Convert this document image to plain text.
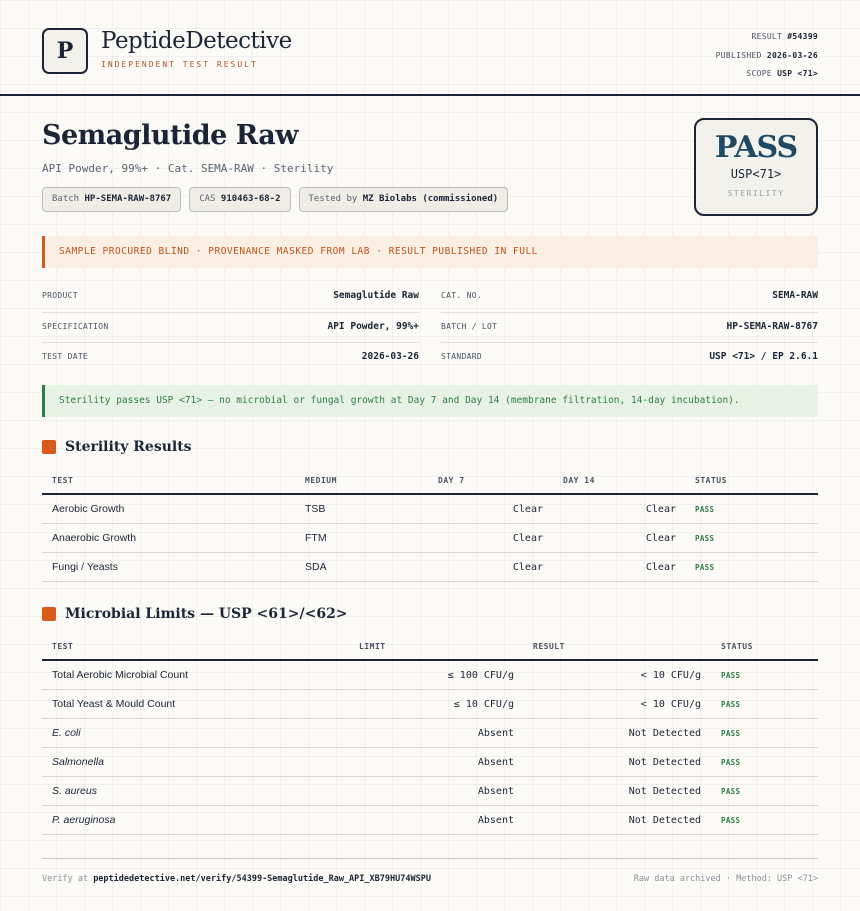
P	PeptideDetective
INDEPENDENT TEST RESULT
RESULT #54399
PUBLISHED 2026-03-26
SCOPE USP <71>
Semaglutide Raw
API Powder, 99%+ · Cat. SEMA-RAW · Sterility
Batch HP-SEMA-RAW-8767	CAS 910463-68-2	Tested by MZ Biolabs (commissioned)
PASS
USP<71>
STERILITY
SAMPLE PROCURED BLIND · PROVENANCE MASKED FROM LAB · RESULT PUBLISHED IN FULL
PRODUCT	Semaglutide Raw	CAT. NO.	SEMA-RAW
SPECIFICATION	API Powder, 99%+	BATCH / LOT	HP-SEMA-RAW-8767
TEST DATE	2026-03-26	STANDARD	USP <71> / EP 2.6.1
Sterility passes USP <71> — no microbial or fungal growth at Day 7 and Day 14 (membrane filtration, 14-day incubation).
Sterility Results
TEST	MEDIUM	DAY 7	DAY 14	STATUS
Aerobic Growth	TSB	Clear	Clear	PASS
Anaerobic Growth	FTM	Clear	Clear	PASS
Fungi / Yeasts	SDA	Clear	Clear	PASS
Microbial Limits — USP <61>/<62>
TEST	LIMIT	RESULT	STATUS
Total Aerobic Microbial Count	≤ 100 CFU/g	< 10 CFU/g	PASS
Total Yeast & Mould Count	≤ 10 CFU/g	< 10 CFU/g	PASS
E. coli	Absent	Not Detected	PASS
Salmonella	Absent	Not Detected	PASS
S. aureus	Absent	Not Detected	PASS
P. aeruginosa	Absent	Not Detected	PASS
Verify at peptidedetective.net/verify/54399-Semaglutide_Raw_API_XB79HU74WSPU	Raw data archived · Method: USP <71>
